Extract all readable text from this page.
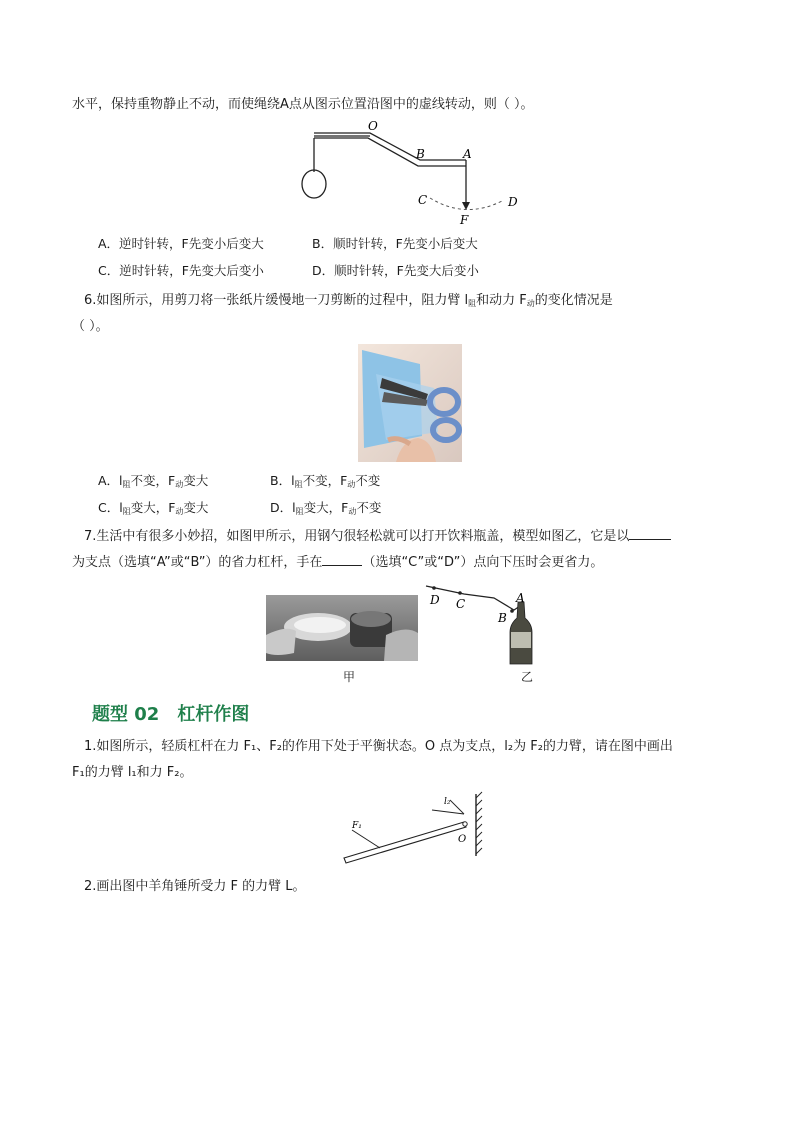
水平，保持重物静止不动，而使绳绕A点从图示位置沿图中的虚线转动，则（ ）。
O
B	A
C	D
F
A．逆时针转，F先变小后变大	B．顺时针转，F先变小后变大
C．逆时针转，F先变大后变小	D．顺时针转，F先变大后变小
6.如图所示，用剪刀将一张纸片缓慢地一刀剪断的过程中，阻力臂 $l_阻$和动力 $F_动$的变化情况是
（ ）。
A．$l_阻$不变，$F_动$变大	B．$l_阻$不变，$F_动$不变
C．$l_阻$变大，$F_动$变大	D．$l_阻$变大，$F_动$不变
7.生活中有很多小妙招，如图甲所示，用钢勺很轻松就可以打开饮料瓶盖，模型如图乙，它是以
为支点（选填“A”或“B”）的省力杠杆，手在	（选填“C”或“D”）点向下压时会更省力。
甲
D C	A
B
乙
题型 02 杠杆作图
1.如图所示，轻质杠杆在力 F₁、F₂的作用下处于平衡状态。O 点为支点，l₂为 F₂的力臂，请在图中画出
F₁的力臂 l₁和力 F₂。
F₁
l₂
O
2.画出图中羊角锤所受力 F 的力臂 L。
